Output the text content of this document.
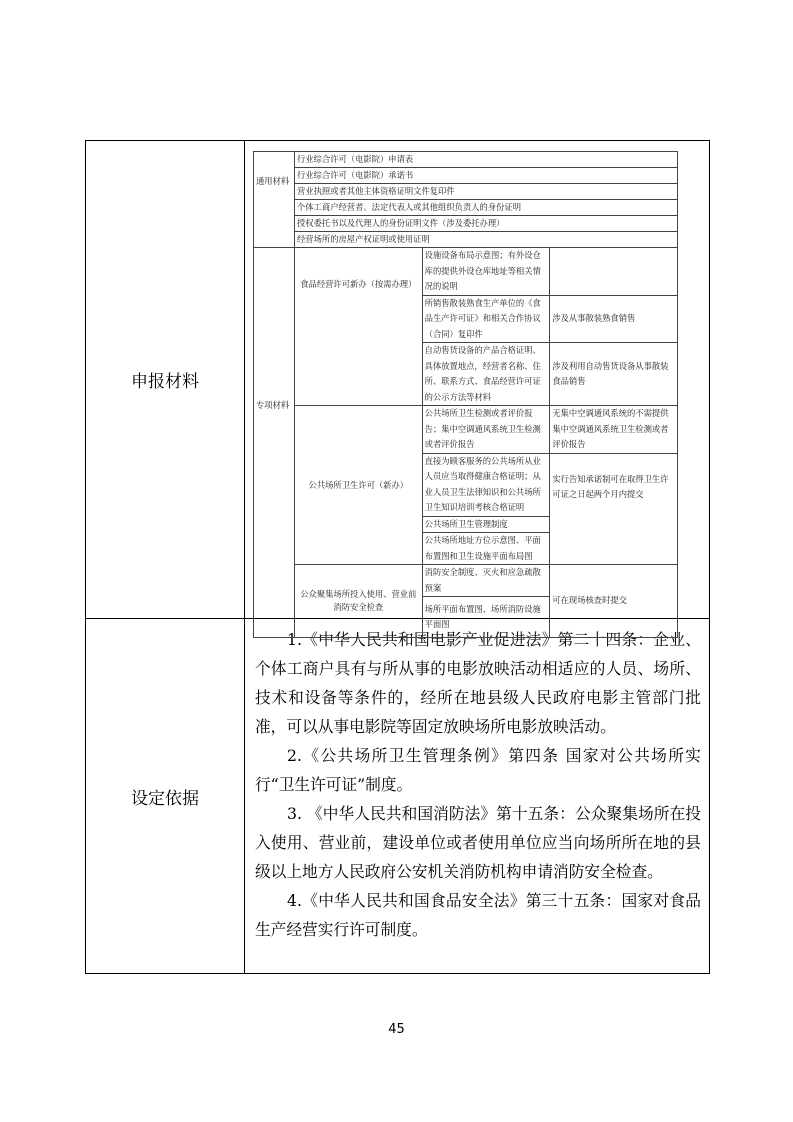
申报材料	
通用材料	行业综合许可（电影院）申请表
行业综合许可（电影院）承诺书
营业执照或者其他主体资格证明文件复印件
个体工商户经营者、法定代表人或其他组织负责人的身份证明
授权委托书以及代理人的身份证明文件（涉及委托办理）
经营场所的房屋产权证明或使用证明
专项材料	食品经营许可新办（按需办理）	设施设备布局示意图；有外设仓库的提供外设仓库地址等相关情况的说明	
所销售散装熟食生产单位的《食品生产许可证》和相关合作协议（合同）复印件	涉及从事散装熟食销售
自动售货设备的产品合格证明、具体放置地点，经营者名称、住所、联系方式、食品经营许可证的公示方法等材料	涉及利用自动售货设备从事散装食品销售
公共场所卫生许可（新办）	公共场所卫生检测或者评价报告；集中空调通风系统卫生检测或者评价报告	无集中空调通风系统的不需提供集中空调通风系统卫生检测或者评价报告
直接为顾客服务的公共场所从业人员应当取得健康合格证明；从业人员卫生法律知识和公共场所卫生知识培训考核合格证明	实行告知承诺制可在取得卫生许可证之日起两个月内提交
公共场所卫生管理制度
公共场所地址方位示意图、平面布置图和卫生设施平面布局图
公众聚集场所投入使用、营业前消防安全检查	消防安全制度、灭火和应急疏散预案	可在现场核查时提交
场所平面布置图、场所消防设施平面图

设定依据	

1.《中华人民共和国电影产业促进法》第二十四条：企业、个体工商户具有与所从事的电影放映活动相适应的人员、场所、技术和设备等条件的，经所在地县级人民政府电影主管部门批准，可以从事电影院等固定放映场所电影放映活动。

2.《公共场所卫生管理条例》第四条 国家对公共场所实行“卫生许可证”制度。

3. 《中华人民共和国消防法》第十五条：公众聚集场所在投入使用、营业前，建设单位或者使用单位应当向场所所在地的县级以上地方人民政府公安机关消防机构申请消防安全检查。

4.《中华人民共和国食品安全法》第三十五条：国家对食品生产经营实行许可制度。

45
